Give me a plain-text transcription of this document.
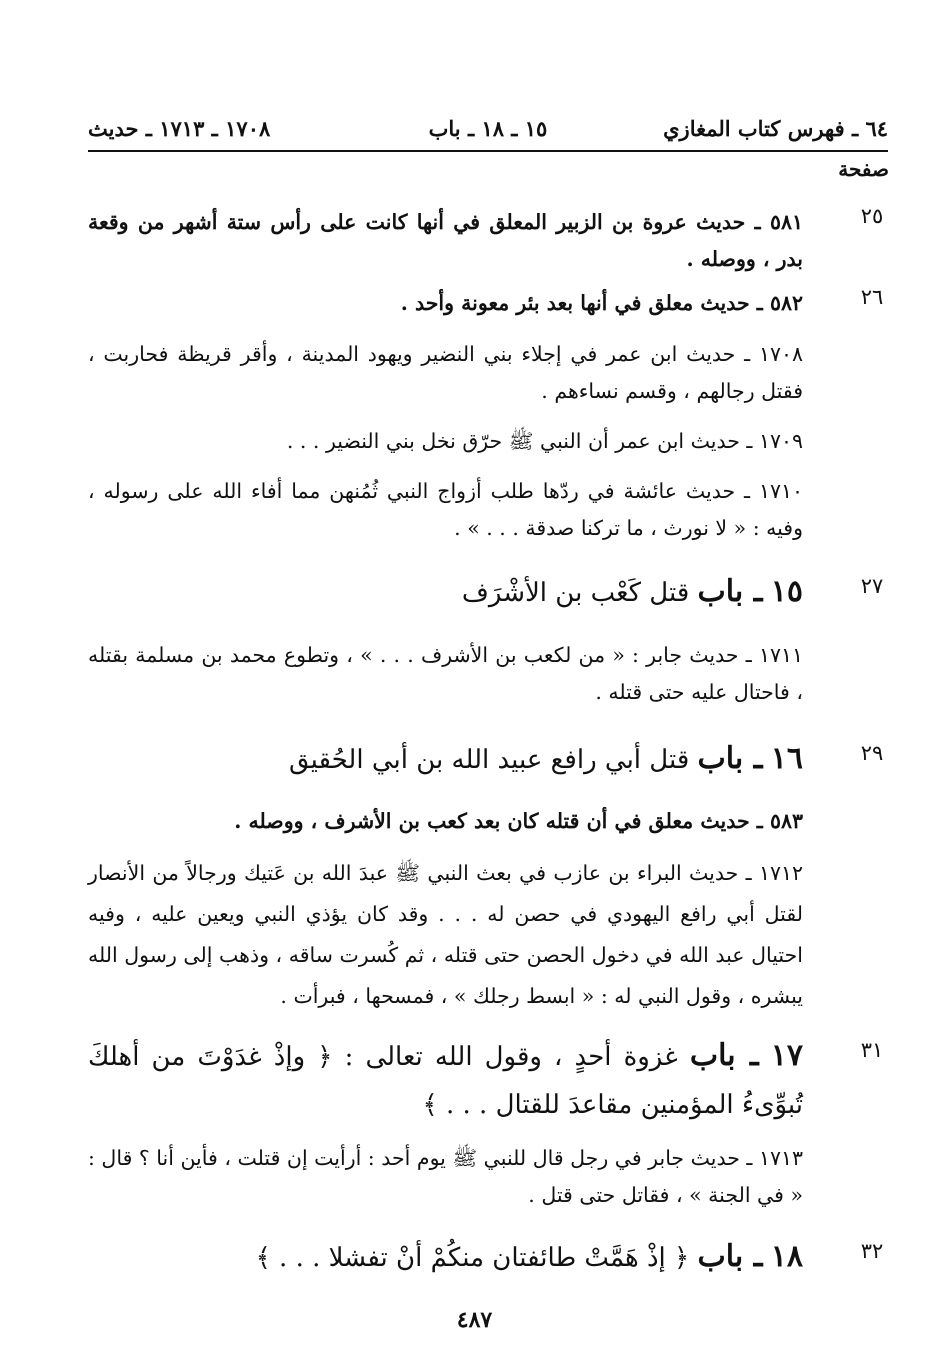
٦٤ ـ فهرس كتاب المغازي
١٥ ـ ١٨ ـ باب
١٧٠٨ ـ ١٧١٣ ـ حديث
صفحة
٢٥
٥٨١ ـ حديث عروة بن الزبير المعلق في أنها كانت على رأس ستة أشهر من وقعة بدر ، ووصله .
٢٦
٥٨٢ ـ حديث معلق في أنها بعد بئر معونة وأحد .
١٧٠٨ ـ حديث ابن عمر في إجلاء بني النضير ويهود المدينة ، وأقر قريظة فحاربت ، فقتل رجالهم ، وقسم نساءهم .
١٧٠٩ ـ حديث ابن عمر أن النبي ﷺ حرّق نخل بني النضير . . .
١٧١٠ ـ حديث عائشة في ردّها طلب أزواج النبي ثُمُنهن مما أفاء الله على رسوله ، وفيه : « لا نورث ، ما تركنا صدقة . . . » .
٢٧
١٥ ـ باب قتل كَعْب بن الأشْرَف
١٧١١ ـ حديث جابر : « من لكعب بن الأشرف . . . » ، وتطوع محمد بن مسلمة بقتله ، فاحتال عليه حتى قتله .
٢٩
١٦ ـ باب قتل أبي رافع عبيد الله بن أبي الحُقيق
٥٨٣ ـ حديث معلق في أن قتله كان بعد كعب بن الأشرف ، ووصله .
١٧١٢ ـ حديث البراء بن عازب في بعث النبي ﷺ عبدَ الله بن عَتيك ورجالاً من الأنصار لقتل أبي رافع اليهودي في حصن له . . . وقد كان يؤذي النبي ويعين عليه ، وفيه احتيال عبد الله في دخول الحصن حتى قتله ، ثم كُسرت ساقه ، وذهب إلى رسول الله يبشره ، وقول النبي له : « ابسط رجلك » ، فمسحها ، فبرأت .
٣١
١٧ ـ باب غزوة أحدٍ ، وقول الله تعالى : ﴿ وإذْ غدَوْتَ من أهلكَ تُبوِّىءُ المؤمنين مقاعدَ للقتال . . . ﴾
١٧١٣ ـ حديث جابر في رجل قال للنبي ﷺ يوم أحد : أرأيت إن قتلت ، فأين أنا ؟ قال : « في الجنة » ، فقاتل حتى قتل .
٣٢
١٨ ـ باب ﴿ إذْ هَمَّتْ طائفتان منكُمْ أنْ تفشلا . . . ﴾
٤٨٧
